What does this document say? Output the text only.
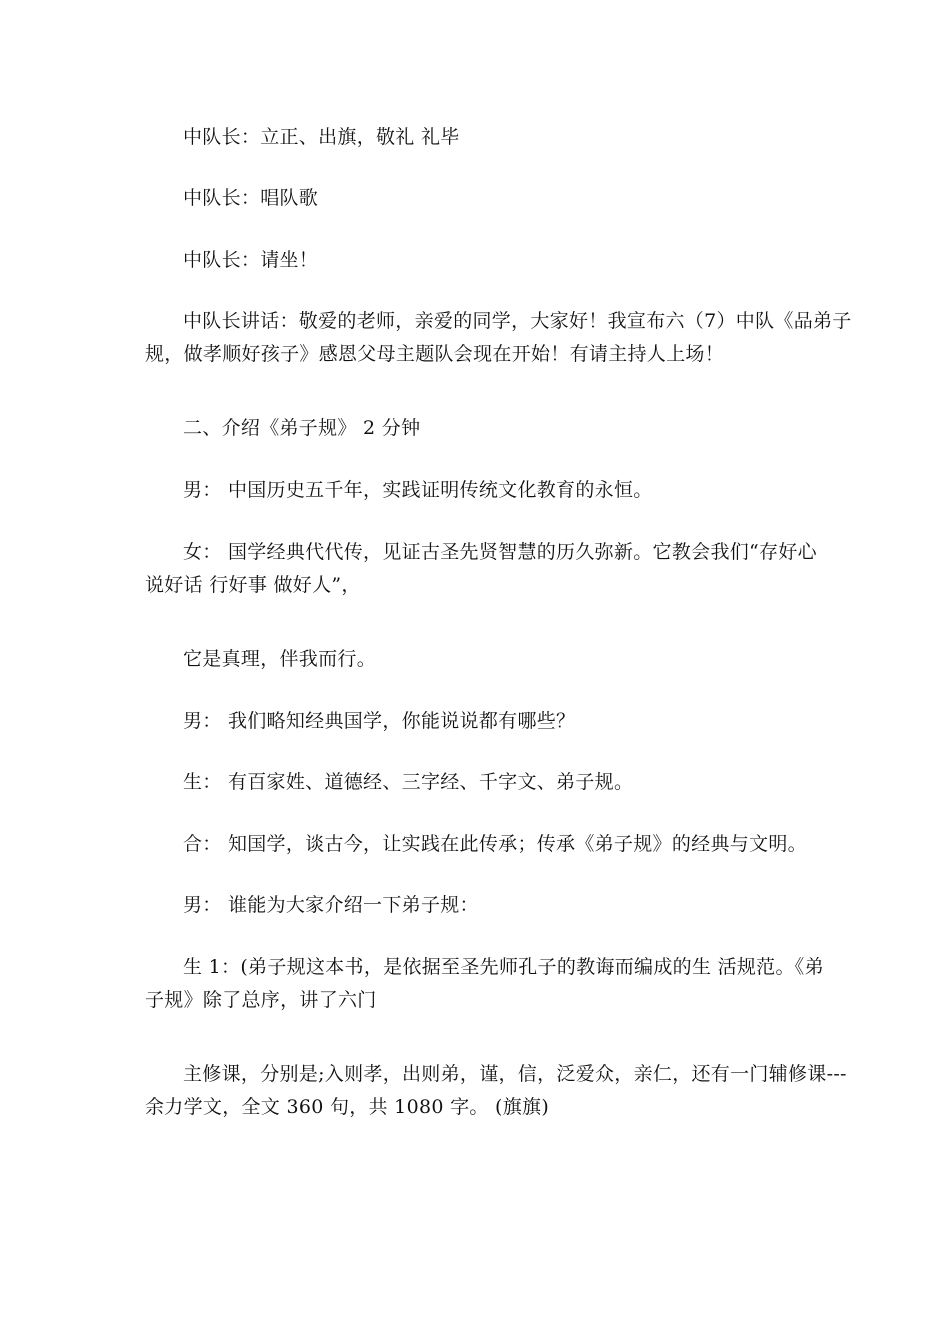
中队长：立正、出旗，敬礼 礼毕

中队长：唱队歌

中队长：请坐！

中队长讲话：敬爱的老师，亲爱的同学，大家好！我宣布六（7）中队《品弟子
规，做孝顺好孩子》感恩父母主题队会现在开始！有请主持人上场！

二、介绍《弟子规》 2 分钟

男： 中国历史五千年，实践证明传统文化教育的永恒。

女： 国学经典代代传，见证古圣先贤智慧的历久弥新。它教会我们“存好心
说好话 行好事 做好人”，

它是真理，伴我而行。

男： 我们略知经典国学，你能说说都有哪些？

生： 有百家姓、道德经、三字经、千字文、弟子规。

合： 知国学，谈古今，让实践在此传承；传承《弟子规》的经典与文明。

男： 谁能为大家介绍一下弟子规：

生 1：(弟子规这本书，是依据至圣先师孔子的教诲而编成的生 活规范。《弟
子规》除了总序，讲了六门

主修课，分别是;入则孝，出则弟，谨，信，泛爱众，亲仁，还有一门辅修课---
余力学文，全文 360 句，共 1080 字。 (旗旗)
